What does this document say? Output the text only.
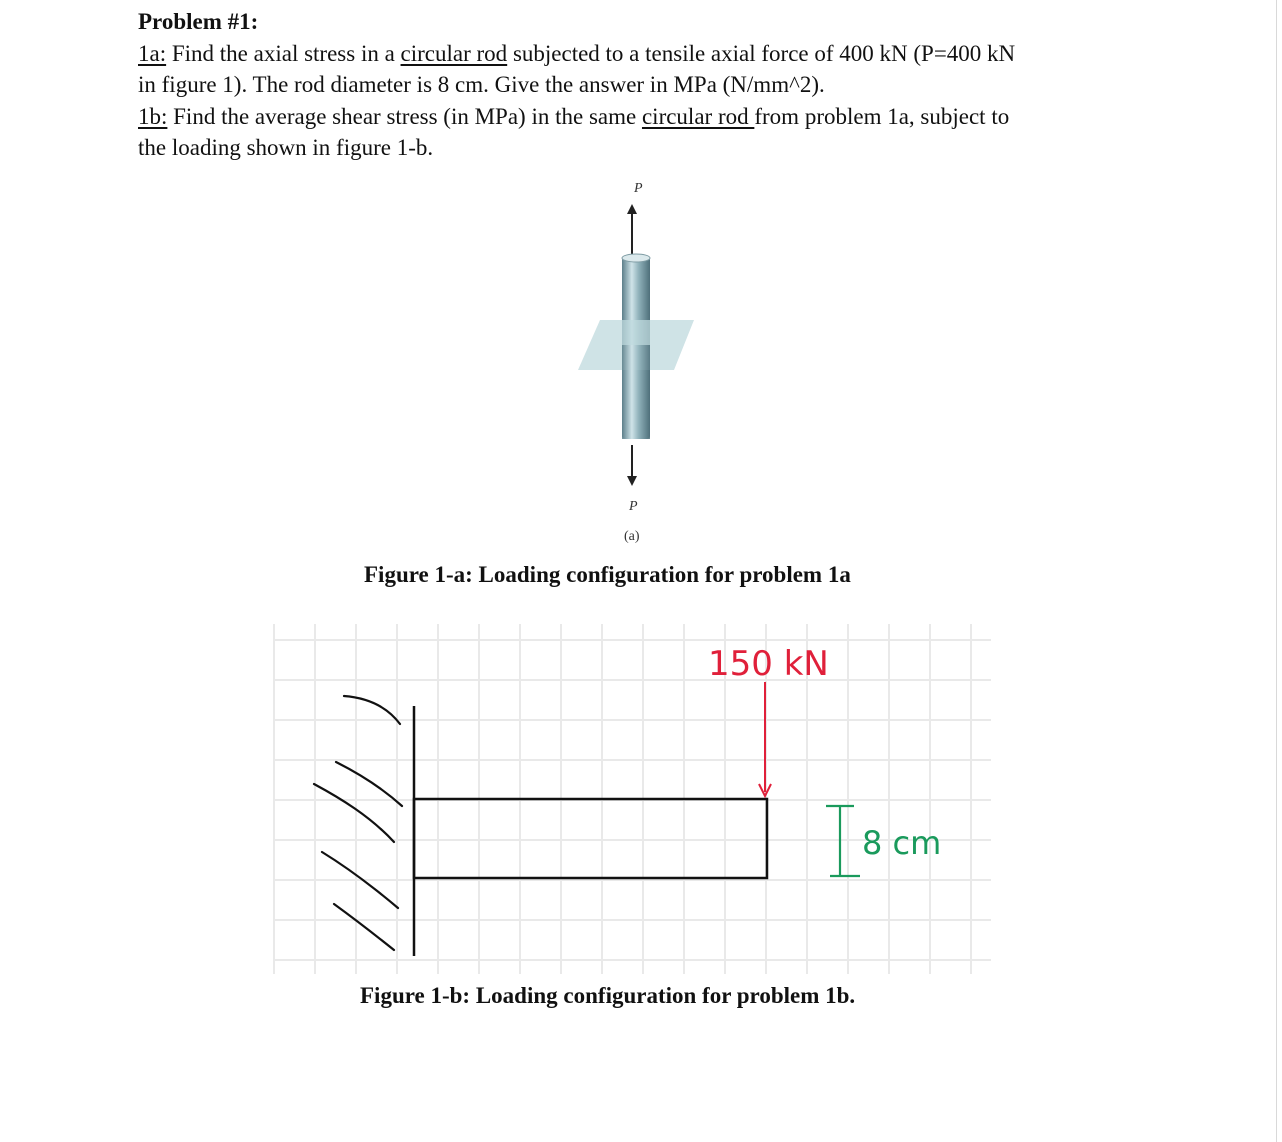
Problem #1:
1a: Find the axial stress in a circular rod subjected to a tensile axial force of 400 kN (P=400 kN
in figure 1). The rod diameter is 8 cm. Give the answer in MPa (N/mm^2).
1b: Find the average shear stress (in MPa) in the same circular rod from problem 1a, subject to
the loading shown in figure 1-b.
P
P
(a)
Figure 1-a: Loading configuration for problem 1a
150 kN
8 cm
Figure 1-b: Loading configuration for problem 1b.
